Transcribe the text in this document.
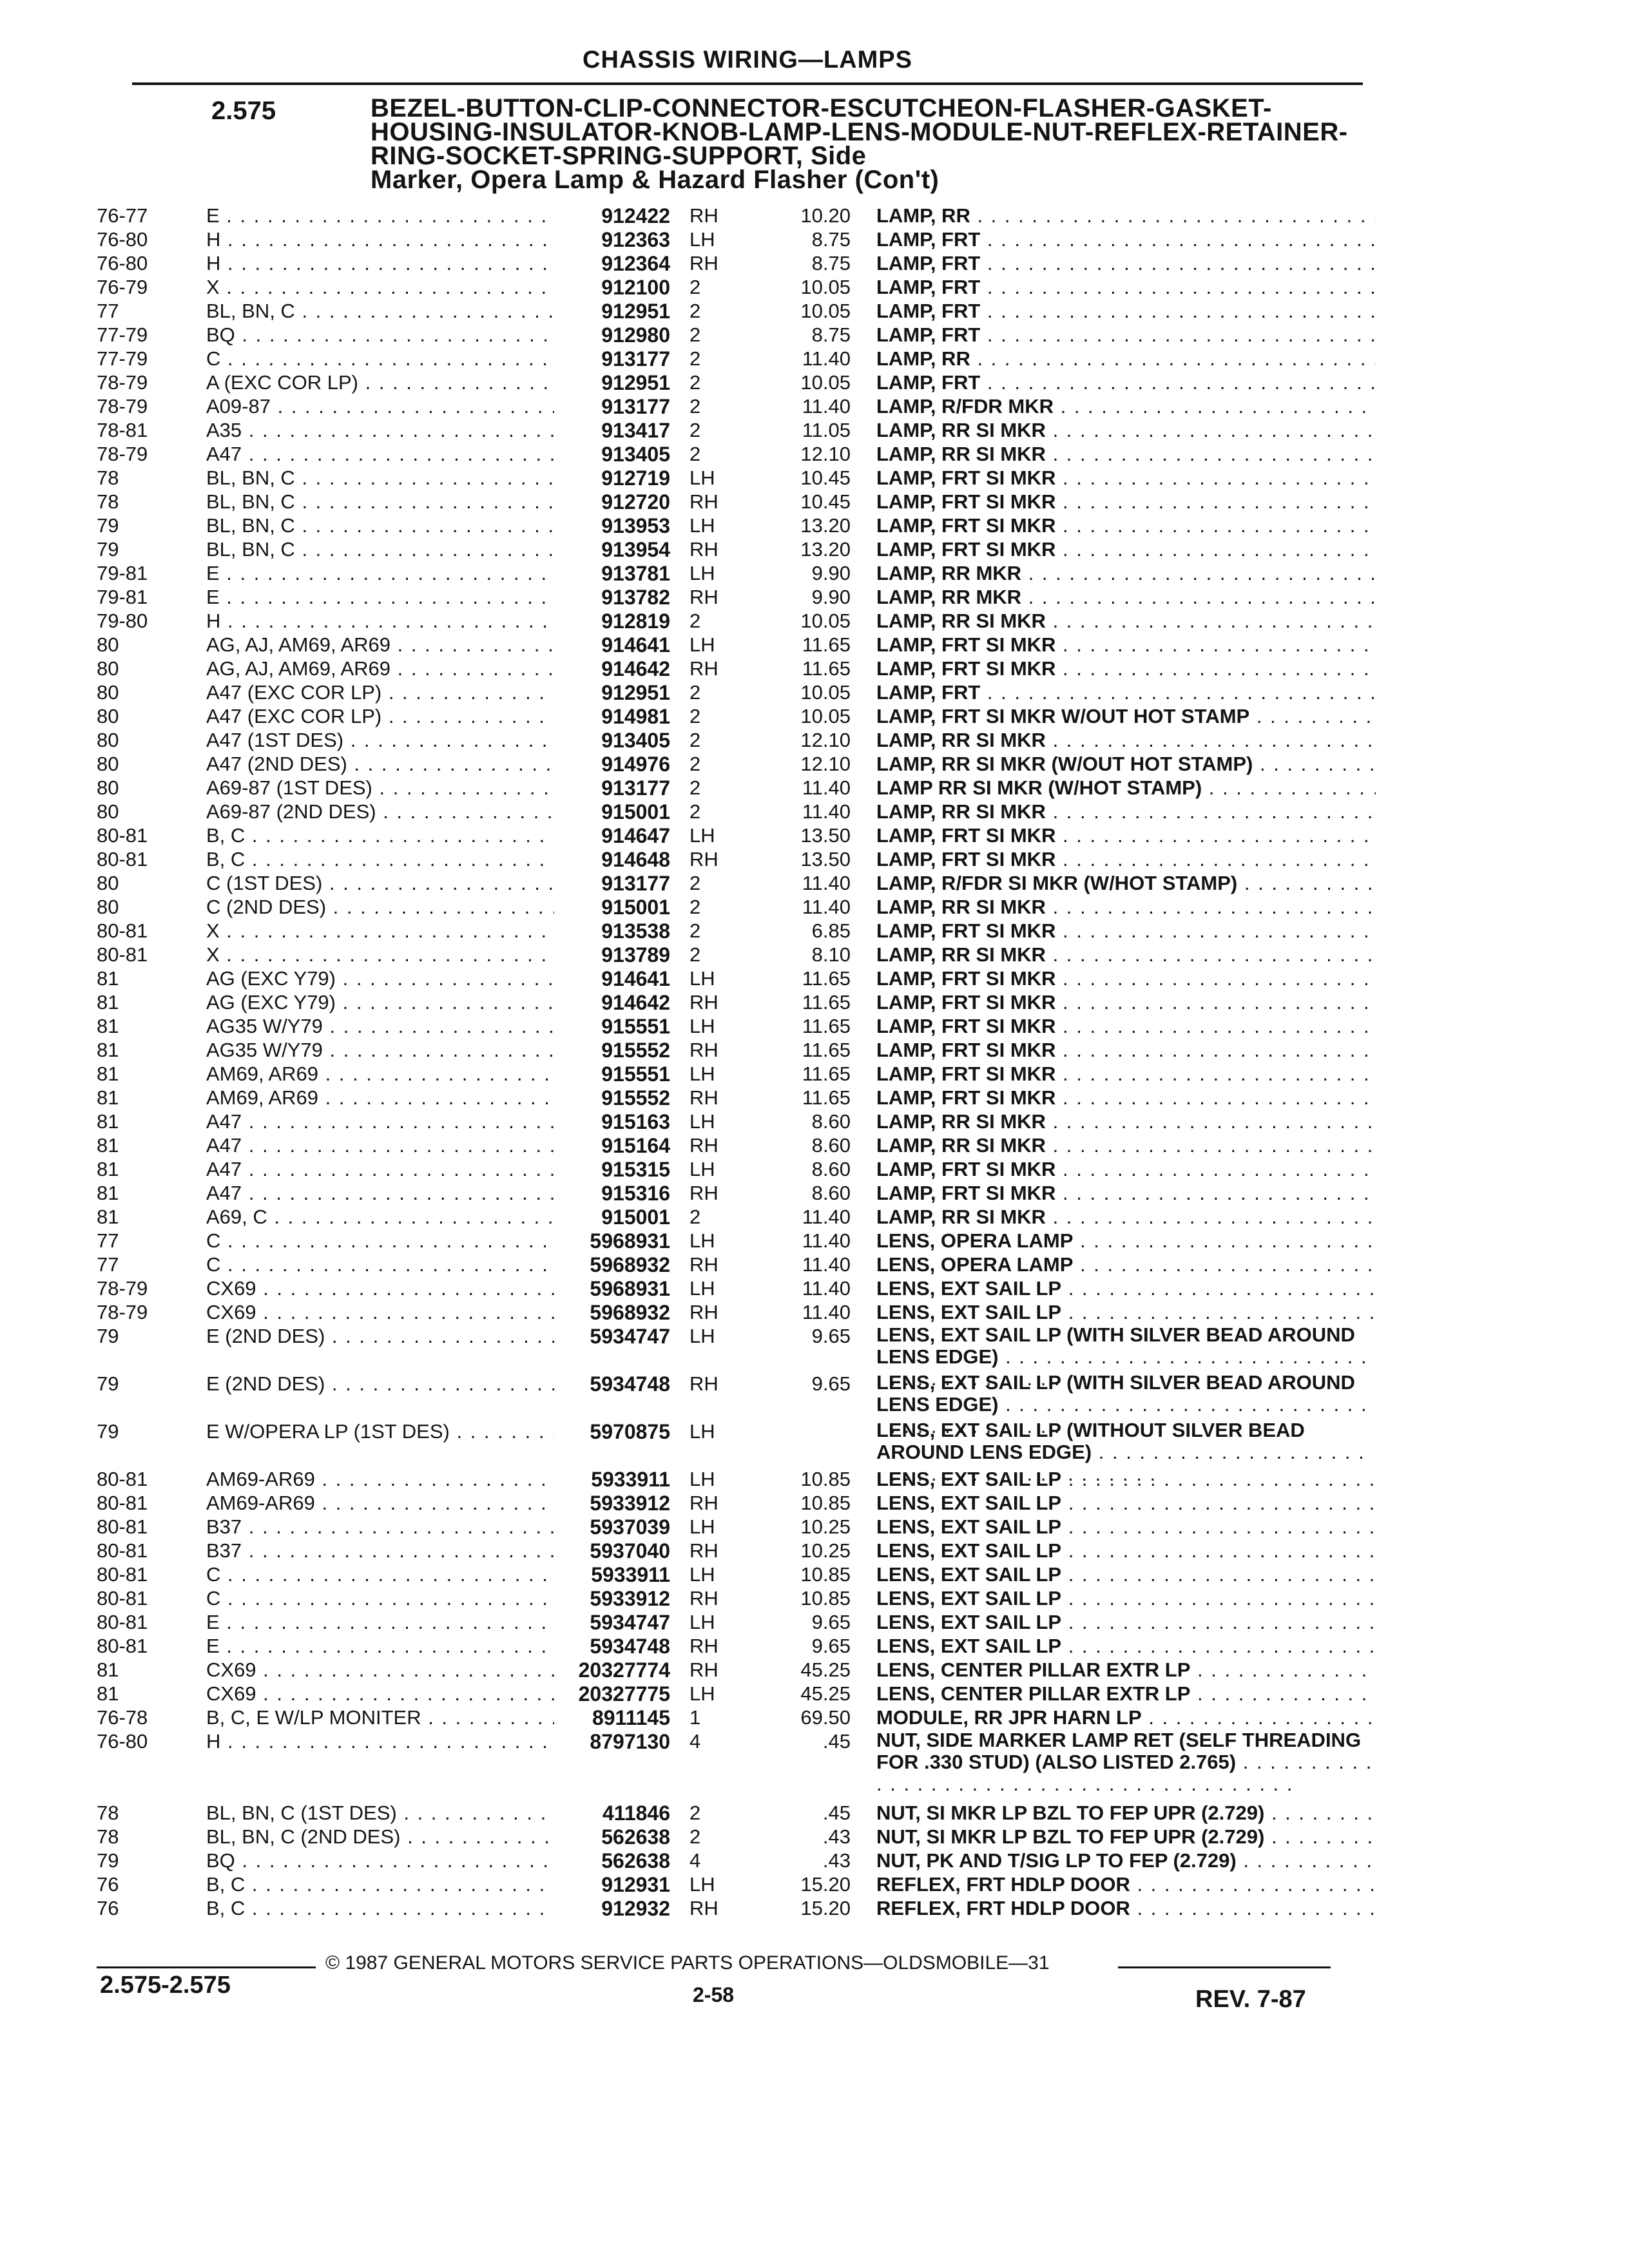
CHASSIS WIRING—LAMPS
2.575	BEZEL-BUTTON-CLIP-CONNECTOR-ESCUTCHEON-FLASHER-GASKET-HOUSING-INSULATOR-KNOB-LAMP-LENS-MODULE-NUT-REFLEX-RETAINER-RING-SOCKET-SPRING-SUPPORT, Side
Marker, Opera Lamp & Hazard Flasher (Con't)
76-77	E . . .	912422 RH	10.20 LAMP, RR . . .
76-80	H . . .	912363 LH	8.75 LAMP, FRT . . .
76-80	H . . .	912364 RH	8.75 LAMP, FRT . . .
76-79	X . . .	912100 2	10.05 LAMP, FRT . . .
77	BL, BN, C . . .	912951 2	10.05 LAMP, FRT . . .
77-79	BQ . . .	912980 2	8.75 LAMP, FRT . . .
77-79	C . . .	913177 2	11.40 LAMP, RR . . .
78-79	A (EXC COR LP) . . .	912951 2	10.05 LAMP, FRT . . .
78-79	A09-87 . . .	913177 2	11.40 LAMP, R/FDR MKR . . .
78-81	A35 . . .	913417 2	11.05 LAMP, RR SI MKR . . .
78-79	A47 . . .	913405 2	12.10 LAMP, RR SI MKR . . .
78	BL, BN, C . . .	912719 LH	10.45 LAMP, FRT SI MKR . . .
78	BL, BN, C . . .	912720 RH	10.45 LAMP, FRT SI MKR . . .
79	BL, BN, C . . .	913953 LH	13.20 LAMP, FRT SI MKR . . .
79	BL, BN, C . . .	913954 RH	13.20 LAMP, FRT SI MKR . . .
79-81	E . . .	913781 LH	9.90 LAMP, RR MKR . . .
79-81	E . . .	913782 RH	9.90 LAMP, RR MKR . . .
79-80	H . . .	912819 2	10.05 LAMP, RR SI MKR . . .
80	AG, AJ, AM69, AR69 . . .	914641 LH	11.65 LAMP, FRT SI MKR . . .
80	AG, AJ, AM69, AR69 . . .	914642 RH	11.65 LAMP, FRT SI MKR . . .
80	A47 (EXC COR LP) . . .	912951 2	10.05 LAMP, FRT . . .
80	A47 (EXC COR LP) . . .	914981 2	10.05 LAMP, FRT SI MKR W/OUT HOT STAMP . . .
80	A47 (1ST DES) . . .	913405 2	12.10 LAMP, RR SI MKR . . .
80	A47 (2ND DES) . . .	914976 2	12.10 LAMP, RR SI MKR (W/OUT HOT STAMP) . . .
80	A69-87 (1ST DES) . . .	913177 2	11.40 LAMP RR SI MKR (W/HOT STAMP) . . .
80	A69-87 (2ND DES) . . .	915001 2	11.40 LAMP, RR SI MKR . . .
80-81	B, C . . .	914647 LH	13.50 LAMP, FRT SI MKR . . .
80-81	B, C . . .	914648 RH	13.50 LAMP, FRT SI MKR . . .
80	C (1ST DES) . . .	913177 2	11.40 LAMP, R/FDR SI MKR (W/HOT STAMP) . . .
80	C (2ND DES) . . .	915001 2	11.40 LAMP, RR SI MKR . . .
80-81	X . . .	913538 2	6.85 LAMP, FRT SI MKR . . .
80-81	X . . .	913789 2	8.10 LAMP, RR SI MKR . . .
81	AG (EXC Y79) . . .	914641 LH	11.65 LAMP, FRT SI MKR . . .
81	AG (EXC Y79) . . .	914642 RH	11.65 LAMP, FRT SI MKR . . .
81	AG35 W/Y79 . . .	915551 LH	11.65 LAMP, FRT SI MKR . . .
81	AG35 W/Y79 . . .	915552 RH	11.65 LAMP, FRT SI MKR . . .
81	AM69, AR69 . . .	915551 LH	11.65 LAMP, FRT SI MKR . . .
81	AM69, AR69 . . .	915552 RH	11.65 LAMP, FRT SI MKR . . .
81	A47 . . .	915163 LH	8.60 LAMP, RR SI MKR . . .
81	A47 . . .	915164 RH	8.60 LAMP, RR SI MKR . . .
81	A47 . . .	915315 LH	8.60 LAMP, FRT SI MKR . . .
81	A47 . . .	915316 RH	8.60 LAMP, FRT SI MKR . . .
81	A69, C . . .	915001 2	11.40 LAMP, RR SI MKR . . .
77	C . . .	5968931 LH	11.40 LENS, OPERA LAMP . . .
77	C . . .	5968932 RH	11.40 LENS, OPERA LAMP . . .
78-79	CX69 . . .	5968931 LH	11.40 LENS, EXT SAIL LP . . .
78-79	CX69 . . .	5968932 RH	11.40 LENS, EXT SAIL LP . . .
79	E (2ND DES) . . .	5934747 LH	9.65 LENS, EXT SAIL LP (WITH SILVER BEAD AROUND LENS EDGE) . . .
79	E (2ND DES) . . .	5934748 RH	9.65 LENS, EXT SAIL LP (WITH SILVER BEAD AROUND LENS EDGE) . . .
79	E W/OPERA LP (1ST DES) . . .	5970875 LH	LENS, EXT SAIL LP (WITHOUT SILVER BEAD AROUND LENS EDGE) . . .
80-81	AM69-AR69 . . .	5933911 LH	10.85 LENS, EXT SAIL LP . . .
80-81	AM69-AR69 . . .	5933912 RH	10.85 LENS, EXT SAIL LP . . .
80-81	B37 . . .	5937039 LH	10.25 LENS, EXT SAIL LP . . .
80-81	B37 . . .	5937040 RH	10.25 LENS, EXT SAIL LP . . .
80-81	C . . .	5933911 LH	10.85 LENS, EXT SAIL LP . . .
80-81	C . . .	5933912 RH	10.85 LENS, EXT SAIL LP . . .
80-81	E . . .	5934747 LH	9.65 LENS, EXT SAIL LP . . .
80-81	E . . .	5934748 RH	9.65 LENS, EXT SAIL LP . . .
81	CX69 . . .	20327774 RH	45.25 LENS, CENTER PILLAR EXTR LP . . .
81	CX69 . . .	20327775 LH	45.25 LENS, CENTER PILLAR EXTR LP . . .
76-78	B, C, E W/LP MONITER . . .	8911145 1	69.50 MODULE, RR JPR HARN LP . . .
76-80	H . . .	8797130 4	.45 NUT, SIDE MARKER LAMP RET (SELF THREADING FOR .330 STUD) (ALSO LISTED 2.765) . . .
78	BL, BN, C (1ST DES) . . .	411846 2	.45 NUT, SI MKR LP BZL TO FEP UPR (2.729) . . .
78	BL, BN, C (2ND DES) . . .	562638 2	.43 NUT, SI MKR LP BZL TO FEP UPR (2.729) . . .
79	BQ . . .	562638 4	.43 NUT, PK AND T/SIG LP TO FEP (2.729) . . .
76	B, C . . .	912931 LH	15.20 REFLEX, FRT HDLP DOOR . . .
76	B, C . . .	912932 RH	15.20 REFLEX, FRT HDLP DOOR . . .
2.575-2.575
© 1987 GENERAL MOTORS SERVICE PARTS OPERATIONS—OLDSMOBILE—31
2-58	REV. 7-87
